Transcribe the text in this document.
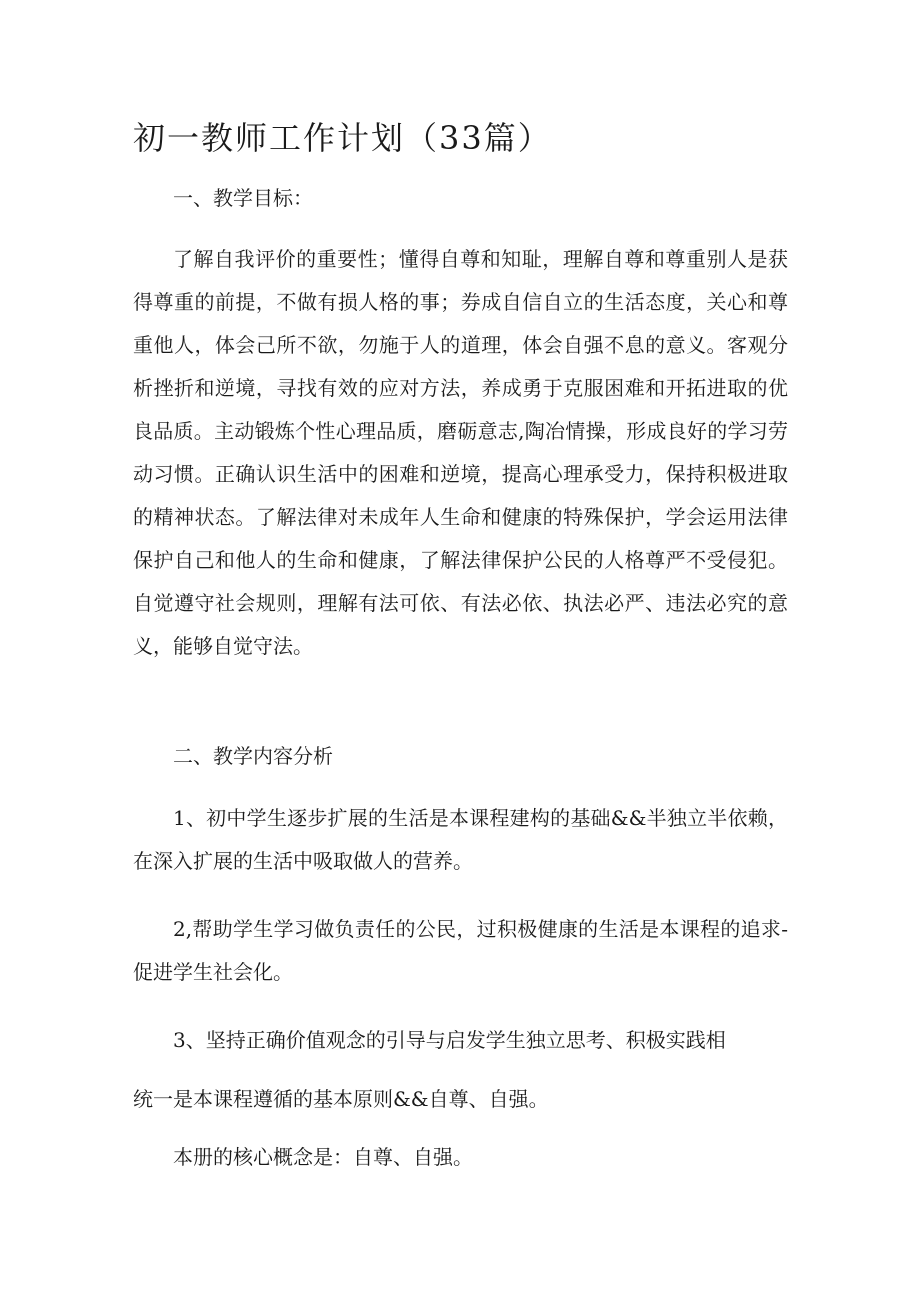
初一教师工作计划（33篇）

一、教学目标：

了解自我评价的重要性；懂得自尊和知耻，理解自尊和尊重别人是获得尊重的前提，不做有损人格的事；券成自信自立的生活态度，关心和尊重他人，体会己所不欲，勿施于人的道理，体会自强不息的意义。客观分析挫折和逆境，寻找有效的应对方法，养成勇于克服困难和开拓进取的优良品质。主动锻炼个性心理品质，磨砺意志,陶冶情操，形成良好的学习劳动习惯。正确认识生活中的困难和逆境，提高心理承受力，保持积极进取的精神状态。了解法律对未成年人生命和健康的特殊保护，学会运用法律保护自己和他人的生命和健康，了解法律保护公民的人格尊严不受侵犯。自觉遵守社会规则，理解有法可依、有法必依、执法必严、违法必究的意义，能够自觉守法。

二、教学内容分析

1、初中学生逐步扩展的生活是本课程建构的基础&&半独立半依赖，在深入扩展的生活中吸取做人的营养。

2,帮助学生学习做负责任的公民，过积极健康的生活是本课程的追求-促进学生社会化。

3、坚持正确价值观念的引导与启发学生独立思考、积极实践相

统一是本课程遵循的基本原则&&自尊、自强。

本册的核心概念是：自尊、自强。
